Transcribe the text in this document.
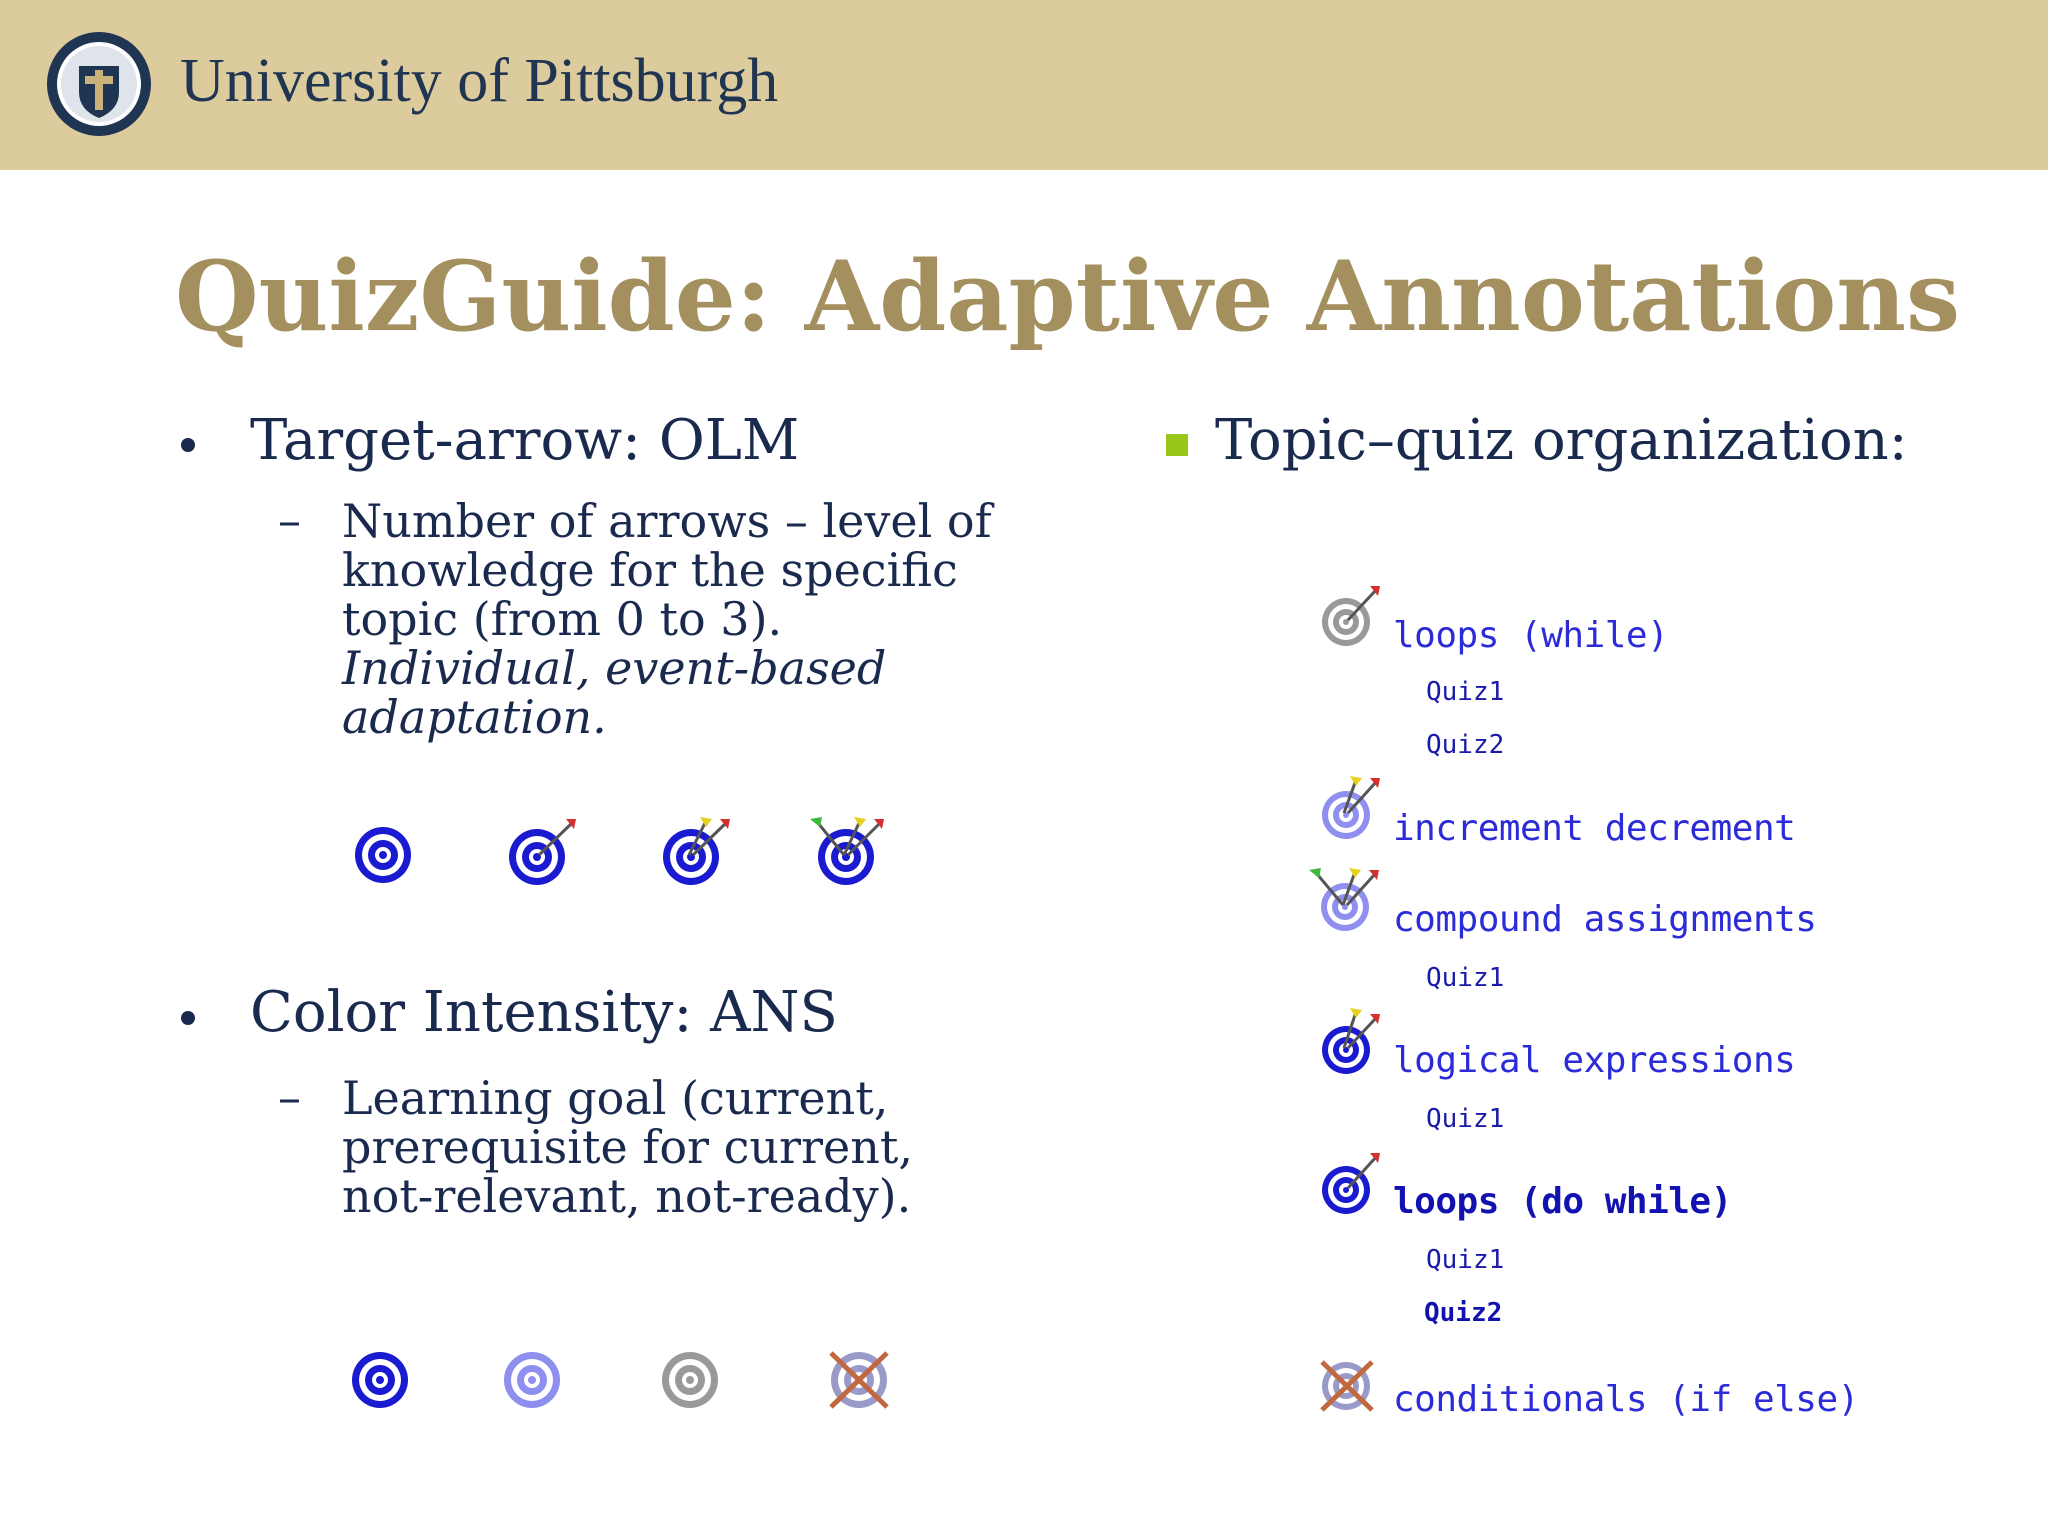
University of Pittsburgh
QuizGuide: Adaptive Annotations
Target-arrow: OLM
– Number of arrows – level of knowledge for the specific topic (from 0 to 3). Individual, event-based adaptation.
Color Intensity: ANS
– Learning goal (current, prerequisite for current, not-relevant, not-ready).
Topic–quiz organization:
loops (while)
Quiz1
Quiz2
increment decrement
compound assignments
Quiz1
logical expressions
Quiz1
loops (do while)
Quiz1
Quiz2
conditionals (if else)
